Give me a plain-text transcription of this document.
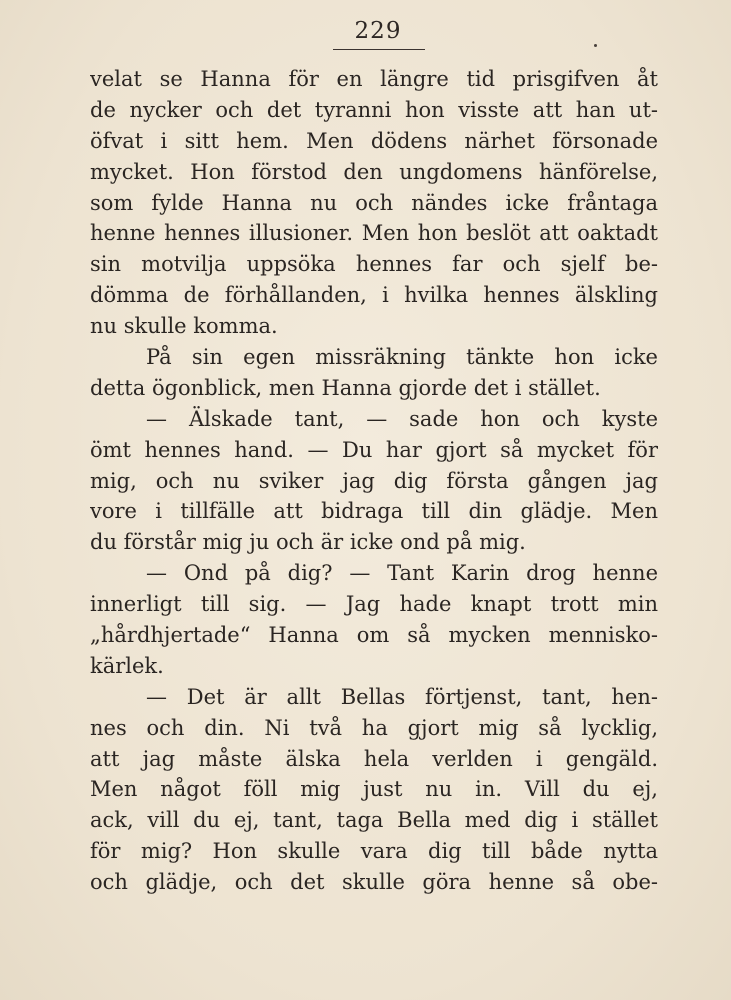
229
velat se Hanna för en längre tid prisgifven åt
de nycker och det tyranni hon visste att han ut-
öfvat i sitt hem. Men dödens närhet försonade
mycket. Hon förstod den ungdomens hänförelse,
som fylde Hanna nu och nändes icke fråntaga
henne hennes illusioner. Men hon beslöt att oaktadt
sin motvilja uppsöka hennes far och sjelf be-
dömma de förhållanden, i hvilka hennes älskling
nu skulle komma.
På sin egen missräkning tänkte hon icke
detta ögonblick, men Hanna gjorde det i stället.
— Älskade tant, — sade hon och kyste
ömt hennes hand. — Du har gjort så mycket för
mig, och nu sviker jag dig första gången jag
vore i tillfälle att bidraga till din glädje. Men
du förstår mig ju och är icke ond på mig.
— Ond på dig? — Tant Karin drog henne
innerligt till sig. — Jag hade knapt trott min
„hårdhjertade“ Hanna om så mycken mennisko-
kärlek.
— Det är allt Bellas förtjenst, tant, hen-
nes och din. Ni två ha gjort mig så lycklig,
att jag måste älska hela verlden i gengäld.
Men något föll mig just nu in. Vill du ej,
ack, vill du ej, tant, taga Bella med dig i stället
för mig? Hon skulle vara dig till både nytta
och glädje, och det skulle göra henne så obe-
